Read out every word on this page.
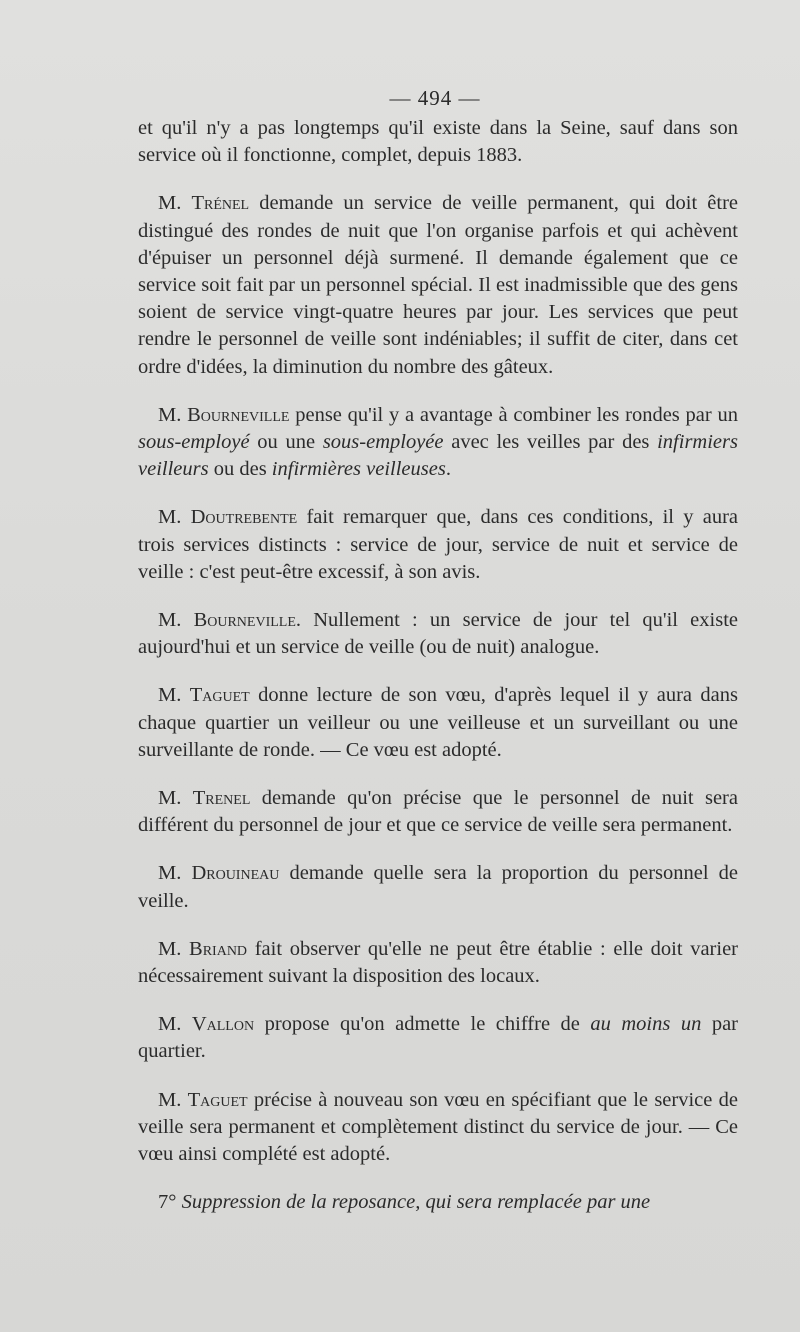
— 494 —

et qu'il n'y a pas longtemps qu'il existe dans la Seine, sauf dans son service où il fonctionne, complet, depuis 1883.

M. Trénel demande un service de veille permanent, qui doit être distingué des rondes de nuit que l'on organise parfois et qui achèvent d'épuiser un personnel déjà surmené. Il demande également que ce service soit fait par un personnel spécial. Il est inadmissible que des gens soient de service vingt-quatre heures par jour. Les services que peut rendre le personnel de veille sont indéniables; il suffit de citer, dans cet ordre d'idées, la diminution du nombre des gâteux.

M. Bourneville pense qu'il y a avantage à combiner les rondes par un sous-employé ou une sous-employée avec les veilles par des infirmiers veilleurs ou des infirmières veilleuses.

M. Doutrebente fait remarquer que, dans ces conditions, il y aura trois services distincts : service de jour, service de nuit et service de veille : c'est peut-être excessif, à son avis.

M. Bourneville. Nullement : un service de jour tel qu'il existe aujourd'hui et un service de veille (ou de nuit) analogue.

M. Taguet donne lecture de son vœu, d'après lequel il y aura dans chaque quartier un veilleur ou une veilleuse et un surveillant ou une surveillante de ronde. — Ce vœu est adopté.

M. Trenel demande qu'on précise que le personnel de nuit sera différent du personnel de jour et que ce service de veille sera permanent.

M. Drouineau demande quelle sera la proportion du personnel de veille.

M. Briand fait observer qu'elle ne peut être établie : elle doit varier nécessairement suivant la disposition des locaux.

M. Vallon propose qu'on admette le chiffre de au moins un par quartier.

M. Taguet précise à nouveau son vœu en spécifiant que le service de veille sera permanent et complètement distinct du service de jour. — Ce vœu ainsi complété est adopté.

7° Suppression de la reposance, qui sera remplacée par une
